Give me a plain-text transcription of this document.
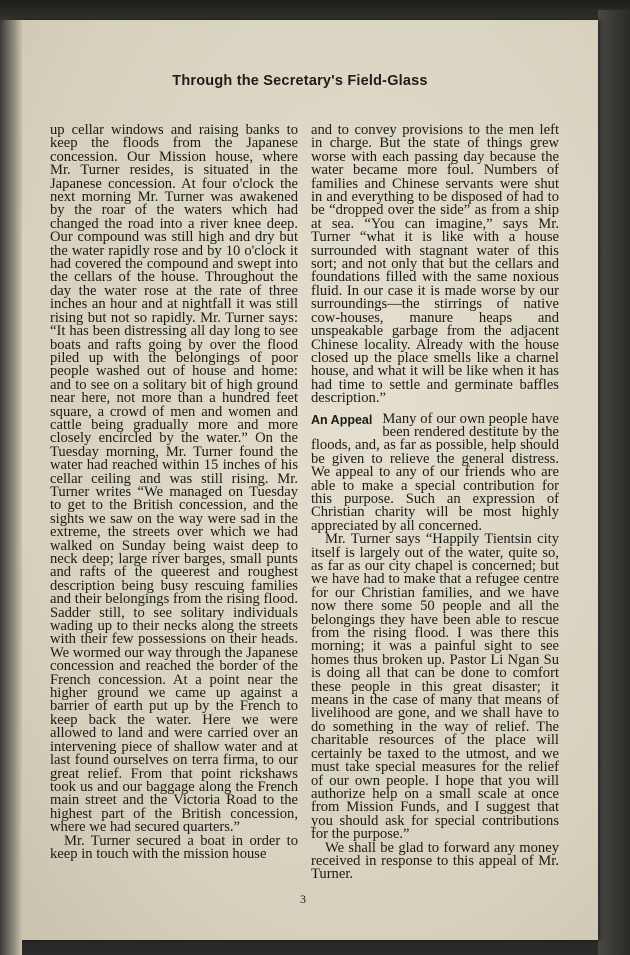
Through the Secretary's Field-Glass

up cellar windows and raising banks to keep the floods from the Japanese concession. Our Mission house, where Mr. Turner resides, is situated in the Japanese concession. At four o'clock the next morning Mr. Turner was awakened by the roar of the waters which had changed the road into a river knee deep. Our compound was still high and dry but the water rapidly rose and by 10 o'clock it had covered the compound and swept into the cellars of the house. Throughout the day the water rose at the rate of three inches an hour and at nightfall it was still rising but not so rapidly. Mr. Turner says: “It has been distressing all day long to see boats and rafts going by over the flood piled up with the belongings of poor people washed out of house and home: and to see on a solitary bit of high ground near here, not more than a hundred feet square, a crowd of men and women and cattle being gradually more and more closely encircled by the water.” On the Tuesday morning, Mr. Turner found the water had reached within 15 inches of his cellar ceiling and was still rising. Mr. Turner writes “We managed on Tuesday to get to the British concession, and the sights we saw on the way were sad in the extreme, the streets over which we had walked on Sunday being waist deep to neck deep; large river barges, small punts and rafts of the queerest and roughest description being busy rescuing families and their belongings from the rising flood. Sadder still, to see solitary individuals wading up to their necks along the streets with their few possessions on their heads. We wormed our way through the Japanese concession and reached the border of the French concession. At a point near the higher ground we came up against a barrier of earth put up by the French to keep back the water. Here we were allowed to land and were carried over an intervening piece of shallow water and at last found ourselves on terra firma, to our great relief. From that point rickshaws took us and our baggage along the French main street and the Victoria Road to the highest part of the British concession, where we had secured quarters.”

Mr. Turner secured a boat in order to keep in touch with the mission house

and to convey provisions to the men left in charge. But the state of things grew worse with each passing day because the water became more foul. Numbers of families and Chinese servants were shut in and everything to be disposed of had to be “dropped over the side” as from a ship at sea. “You can imagine,” says Mr. Turner “what it is like with a house surrounded with stagnant water of this sort; and not only that but the cellars and foundations filled with the same noxious fluid. In our case it is made worse by our surroundings—the stirrings of native cow-houses, manure heaps and unspeakable garbage from the adjacent Chinese locality. Already with the house closed up the place smells like a charnel house, and what it will be like when it has had time to settle and germinate baffles description.”

An Appeal Many of our own people have been rendered destitute by the floods, and, as far as possible, help should be given to relieve the general distress. We appeal to any of our friends who are able to make a special contribution for this purpose. Such an expression of Christian charity will be most highly appreciated by all concerned.

Mr. Turner says “Happily Tientsin city itself is largely out of the water, quite so, as far as our city chapel is concerned; but we have had to make that a refugee centre for our Christian families, and we have now there some 50 people and all the belongings they have been able to rescue from the rising flood. I was there this morning; it was a painful sight to see homes thus broken up. Pastor Li Ngan Su is doing all that can be done to comfort these people in this great disaster; it means in the case of many that means of livelihood are gone, and we shall have to do something in the way of relief. The charitable resources of the place will certainly be taxed to the utmost, and we must take special measures for the relief of our own people. I hope that you will authorize help on a small scale at once from Mission Funds, and I suggest that you should ask for special contributions for the purpose.”

We shall be glad to forward any money received in response to this appeal of Mr. Turner.

3
